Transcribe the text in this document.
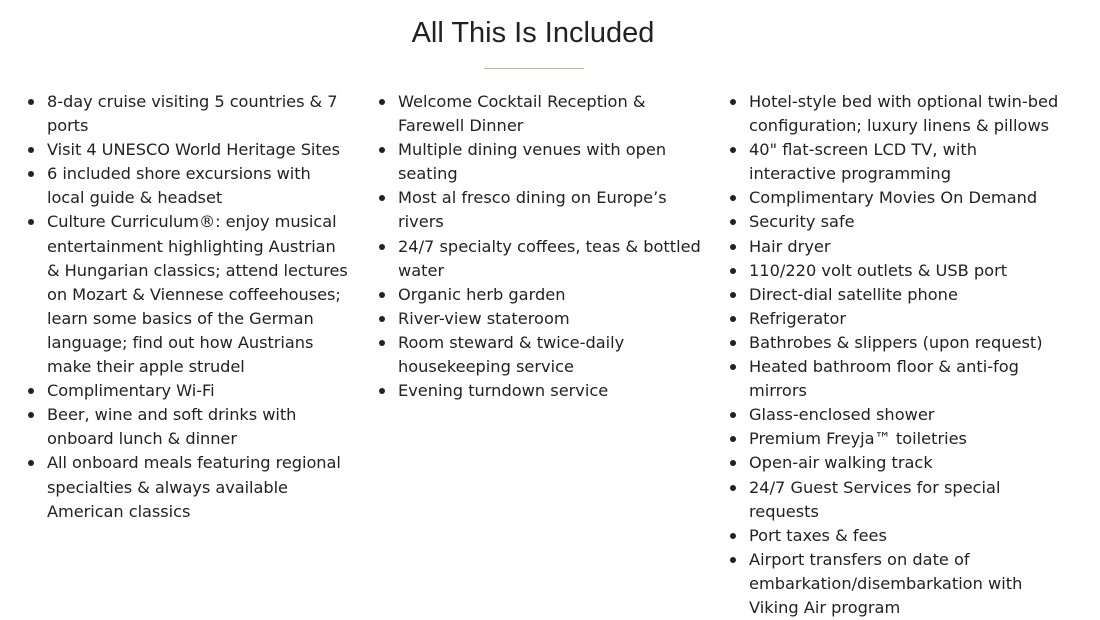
All This Is Included
8-day cruise visiting 5 countries & 7 ports
Visit 4 UNESCO World Heritage Sites
6 included shore excursions with local guide & headset
Culture Curriculum®: enjoy musical entertainment highlighting Austrian & Hungarian classics; attend lectures on Mozart & Viennese coffeehouses; learn some basics of the German language; find out how Austrians make their apple strudel
Complimentary Wi-Fi
Beer, wine and soft drinks with onboard lunch & dinner
All onboard meals featuring regional specialties & always available American classics
Welcome Cocktail Reception & Farewell Dinner
Multiple dining venues with open seating
Most al fresco dining on Europe’s rivers
24/7 specialty coffees, teas & bottled water
Organic herb garden
River-view stateroom
Room steward & twice-daily housekeeping service
Evening turndown service
Hotel-style bed with optional twin-bed configuration; luxury linens & pillows
40" flat-screen LCD TV, with interactive programming
Complimentary Movies On Demand
Security safe
Hair dryer
110/220 volt outlets & USB port
Direct-dial satellite phone
Refrigerator
Bathrobes & slippers (upon request)
Heated bathroom floor & anti-fog mirrors
Glass-enclosed shower
Premium Freyja™ toiletries
Open-air walking track
24/7 Guest Services for special requests
Port taxes & fees
Airport transfers on date of embarkation/disembarkation with Viking Air program
